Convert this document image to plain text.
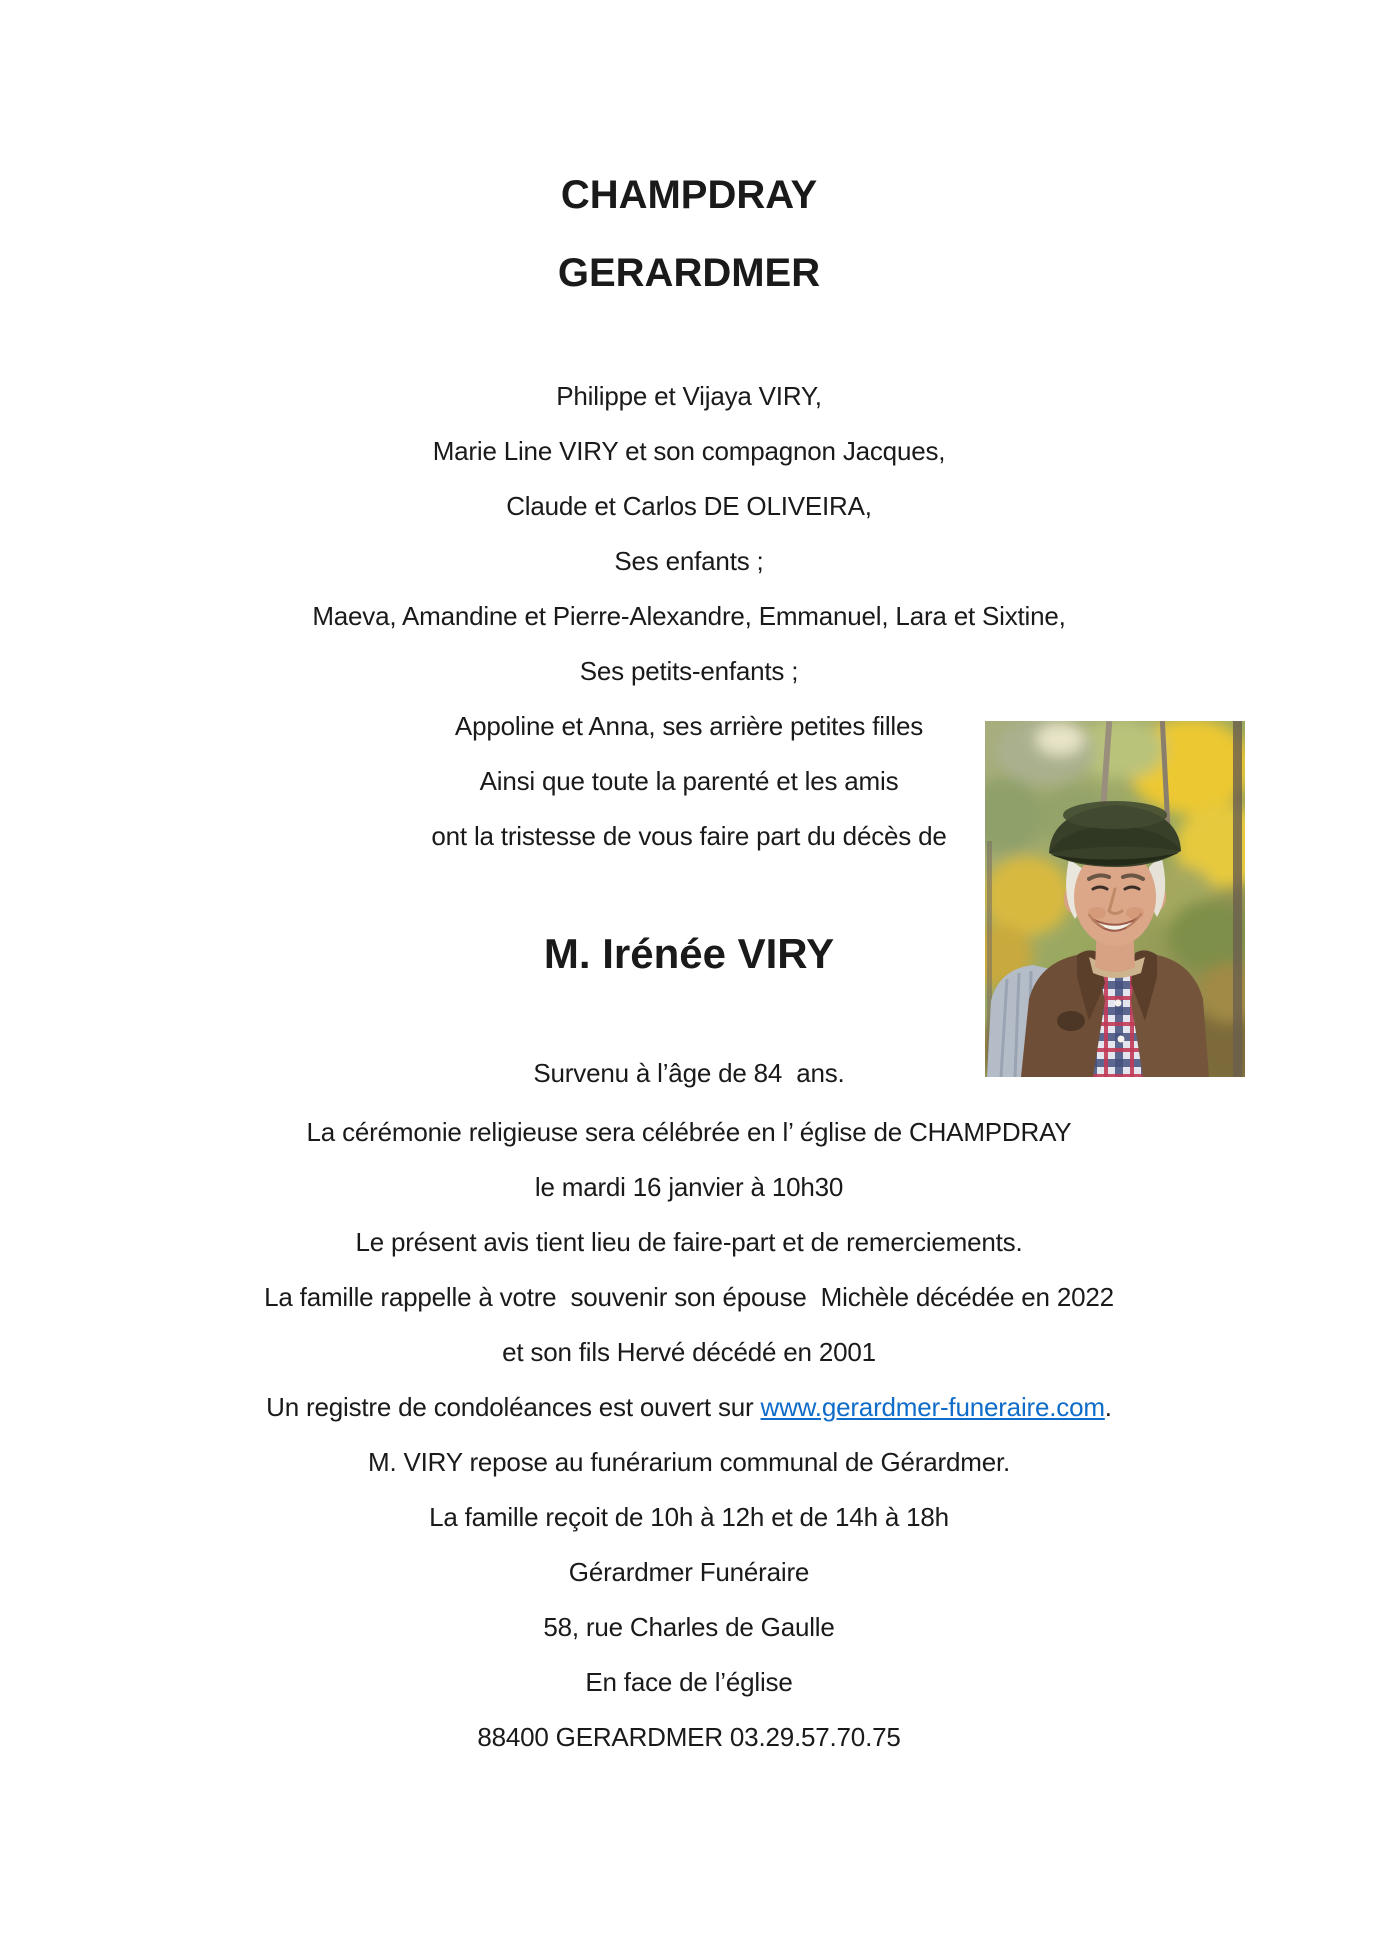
CHAMPDRAY

GERARDMER

Philippe et Vijaya VIRY,

Marie Line VIRY et son compagnon Jacques,

Claude et Carlos DE OLIVEIRA,

Ses enfants ;

Maeva, Amandine et Pierre-Alexandre, Emmanuel, Lara et Sixtine,

Ses petits-enfants ;

Appoline et Anna, ses arrière petites filles

Ainsi que toute la parenté et les amis

ont la tristesse de vous faire part du décès de

M. Irénée VIRY

Survenu à l’âge de 84  ans.

La cérémonie religieuse sera célébrée en l’ église de CHAMPDRAY

le mardi 16 janvier à 10h30

Le présent avis tient lieu de faire-part et de remerciements.

La famille rappelle à votre  souvenir son épouse  Michèle décédée en 2022

et son fils Hervé décédé en 2001

Un registre de condoléances est ouvert sur www.gerardmer-funeraire.com.

M. VIRY repose au funérarium communal de Gérardmer.

La famille reçoit de 10h à 12h et de 14h à 18h

Gérardmer Funéraire

58, rue Charles de Gaulle

En face de l’église

88400 GERARDMER 03.29.57.70.75
